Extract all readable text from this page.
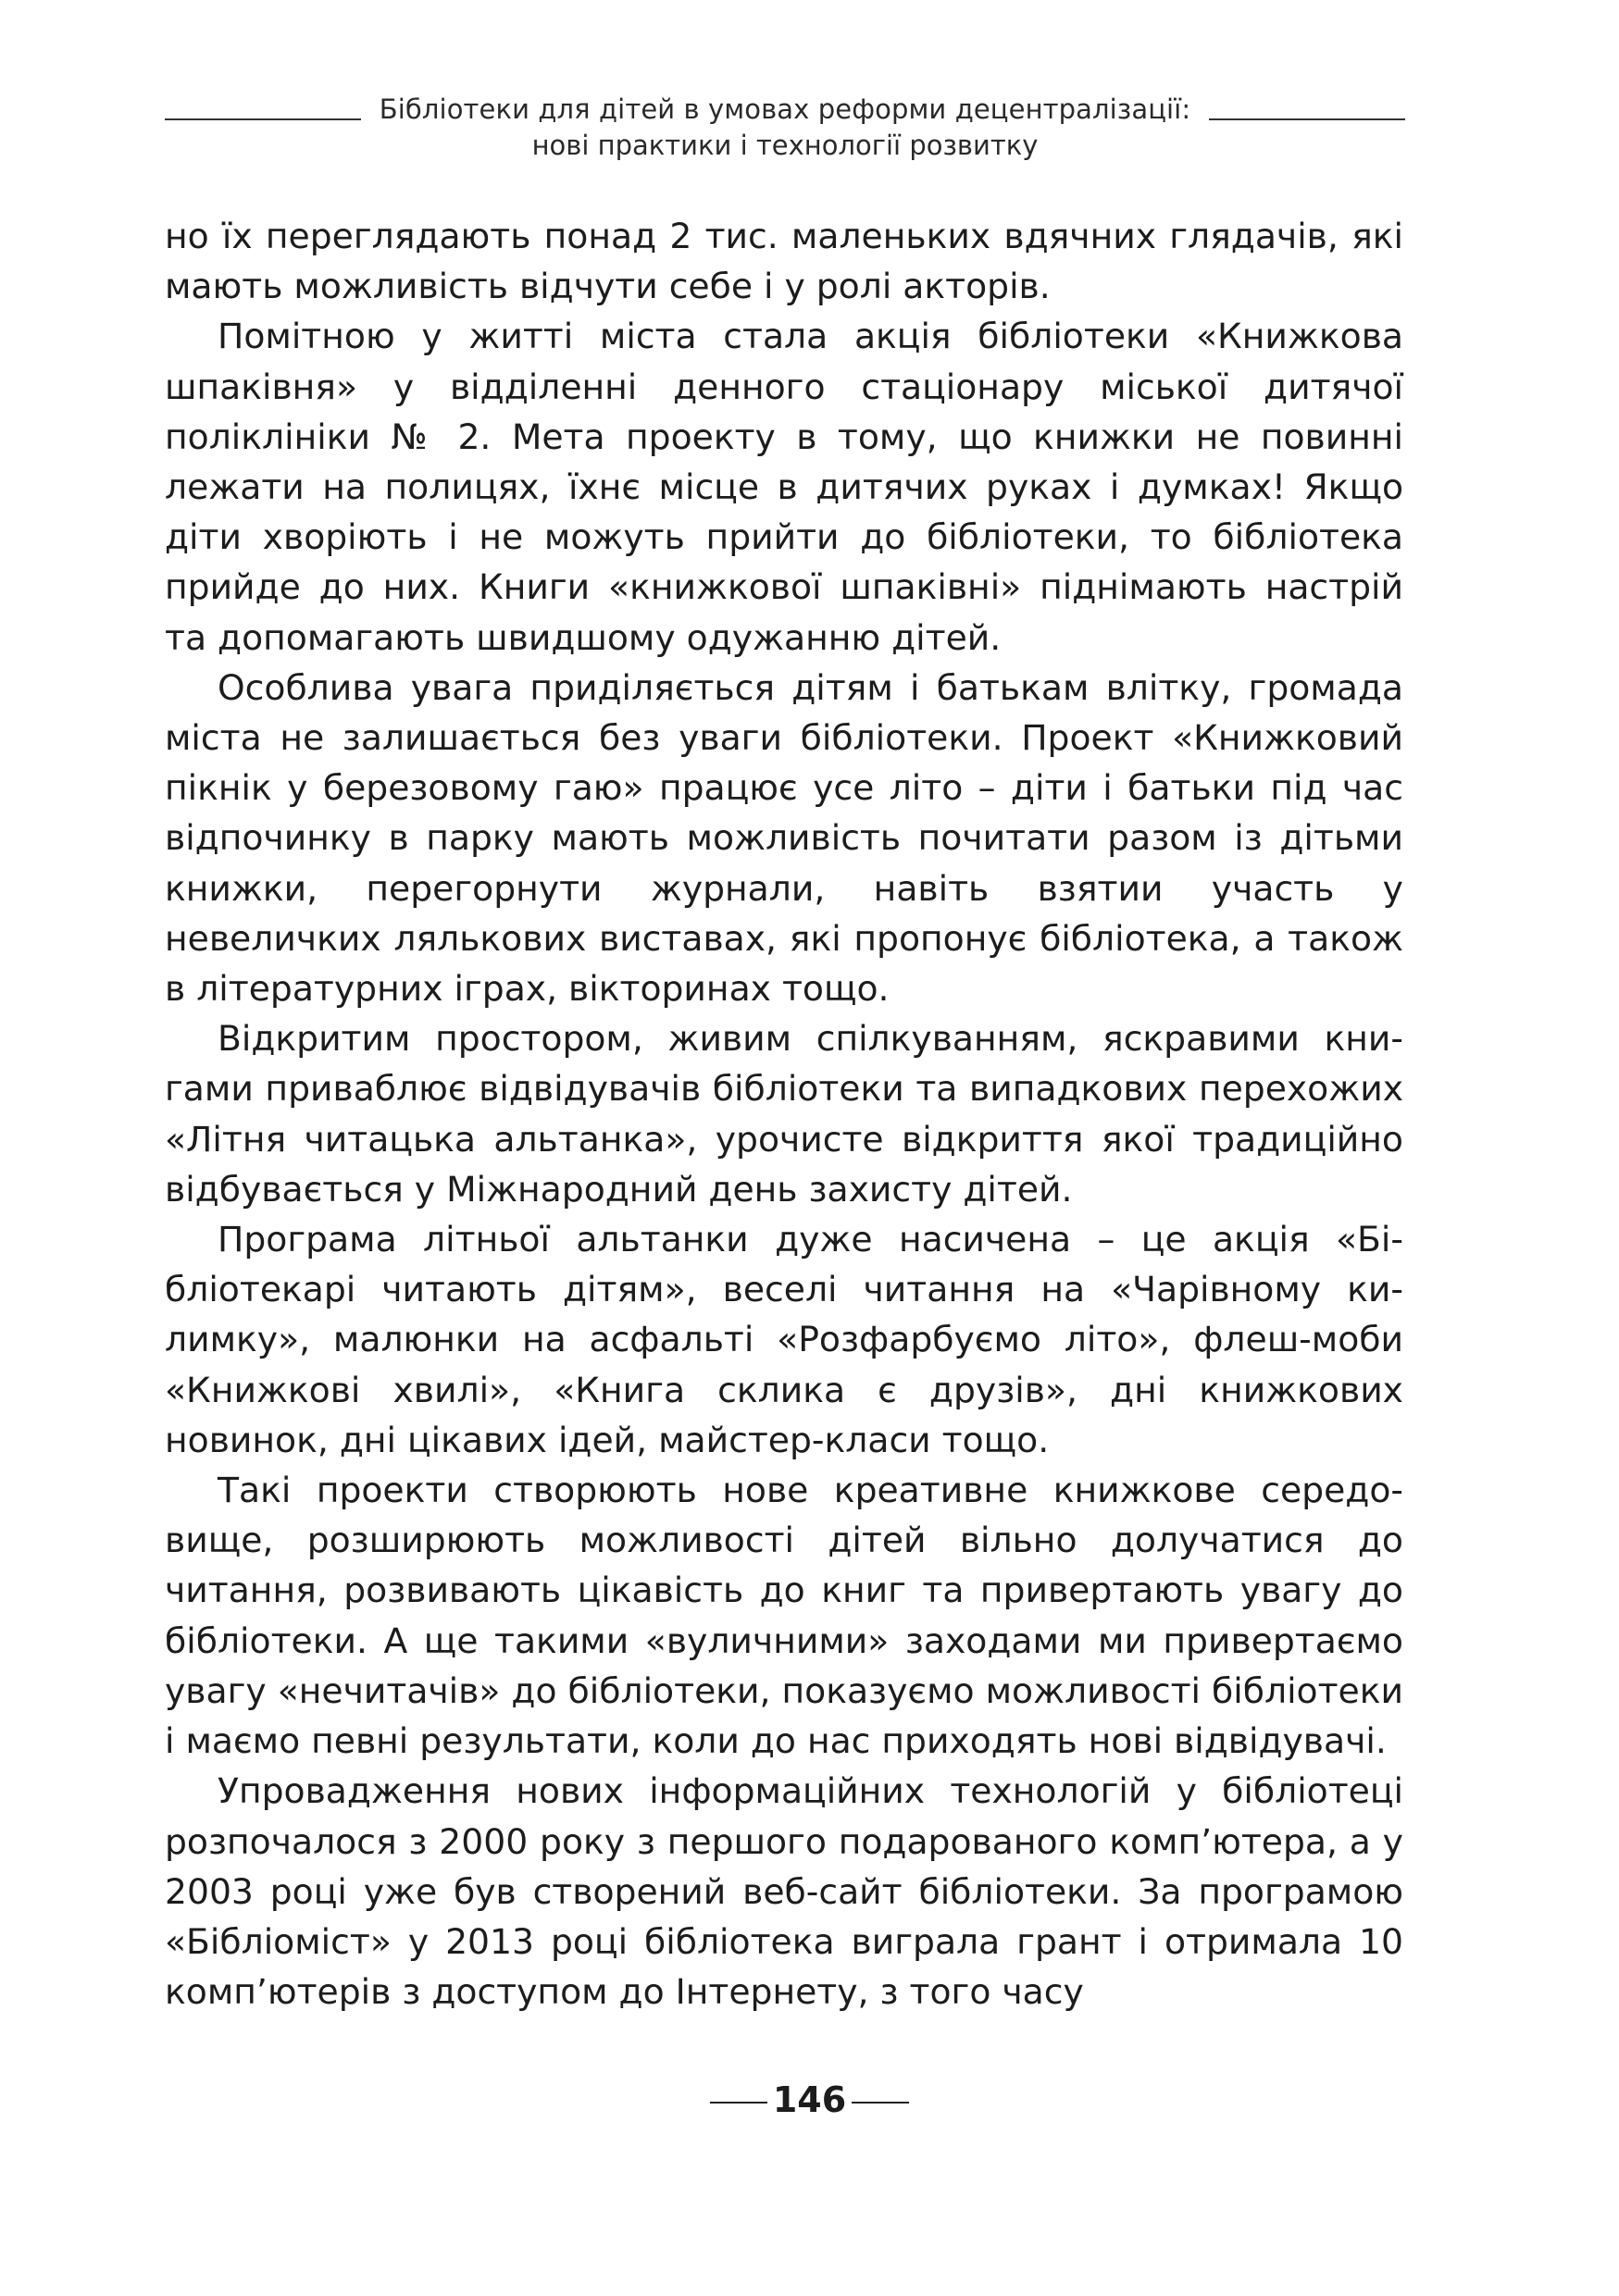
Бібліотеки для дітей в умовах реформи децентралізації:
нові практики і технології розвитку

но їх переглядають понад 2 тис. маленьких вдячних глядачів, які мають можливість відчути себе і у ролі акторів.

Помітною у житті міста стала акція бібліотеки «Книжкова шпаківня» у відділенні денного стаціонару міської дитячої поліклініки № 2. Мета проекту в тому, що книжки не повинні лежати на полицях, їхнє місце в дитячих руках і думках! Якщо діти хворіють і не можуть прийти до бібліотеки, то бібліотека прийде до них. Книги «книжкової шпаківні» піднімають настрій та допомагають швидшому одужанню дітей.

Особлива увага приділяється дітям і батькам влітку, громада міста не залишається без уваги бібліотеки. Проект «Книжковий пікнік у березовому гаю» працює усе літо – діти і батьки під час відпочинку в парку мають можливість почитати разом із дітьми книжки, перегорнути журнали, навіть взятии участь у невеличких лялькових виставах, які пропонує бібліотека, а також в літературних іграх, вікторинах тощо.

Відкритим простором, живим спілкуванням, яскравими книгами приваблює відвідувачів бібліотеки та випадкових перехожих «Літня читацька альтанка», урочисте відкриття якої традиційно відбувається у Міжнародний день захисту дітей.

Програма літньої альтанки дуже насичена – це акція «Бібліотекарі читають дітям», веселі читання на «Чарівному килимку», малюнки на асфальті «Розфарбуємо літо», флеш-моби «Книжкові хвилі», «Книга склика є друзів», дні книжкових новинок, дні цікавих ідей, майстер-класи тощо.

Такі проекти створюють нове креативне книжкове середовище, розширюють можливості дітей вільно долучатися до читання, розвивають цікавість до книг та привертають увагу до бібліотеки. А ще такими «вуличними» заходами ми привертаємо увагу «нечитачів» до бібліотеки, показуємо можливості бібліотеки і маємо певні результати, коли до нас приходять нові відвідувачі.

Упровадження нових інформаційних технологій у бібліотеці розпочалося з 2000 року з першого подарованого комп’ютера, а у 2003 році уже був створений веб-сайт бібліотеки. За програмою «Бібліоміст» у 2013 році бібліотека виграла грант і отримала 10 комп’ютерів з доступом до Інтернету, з того часу

146
